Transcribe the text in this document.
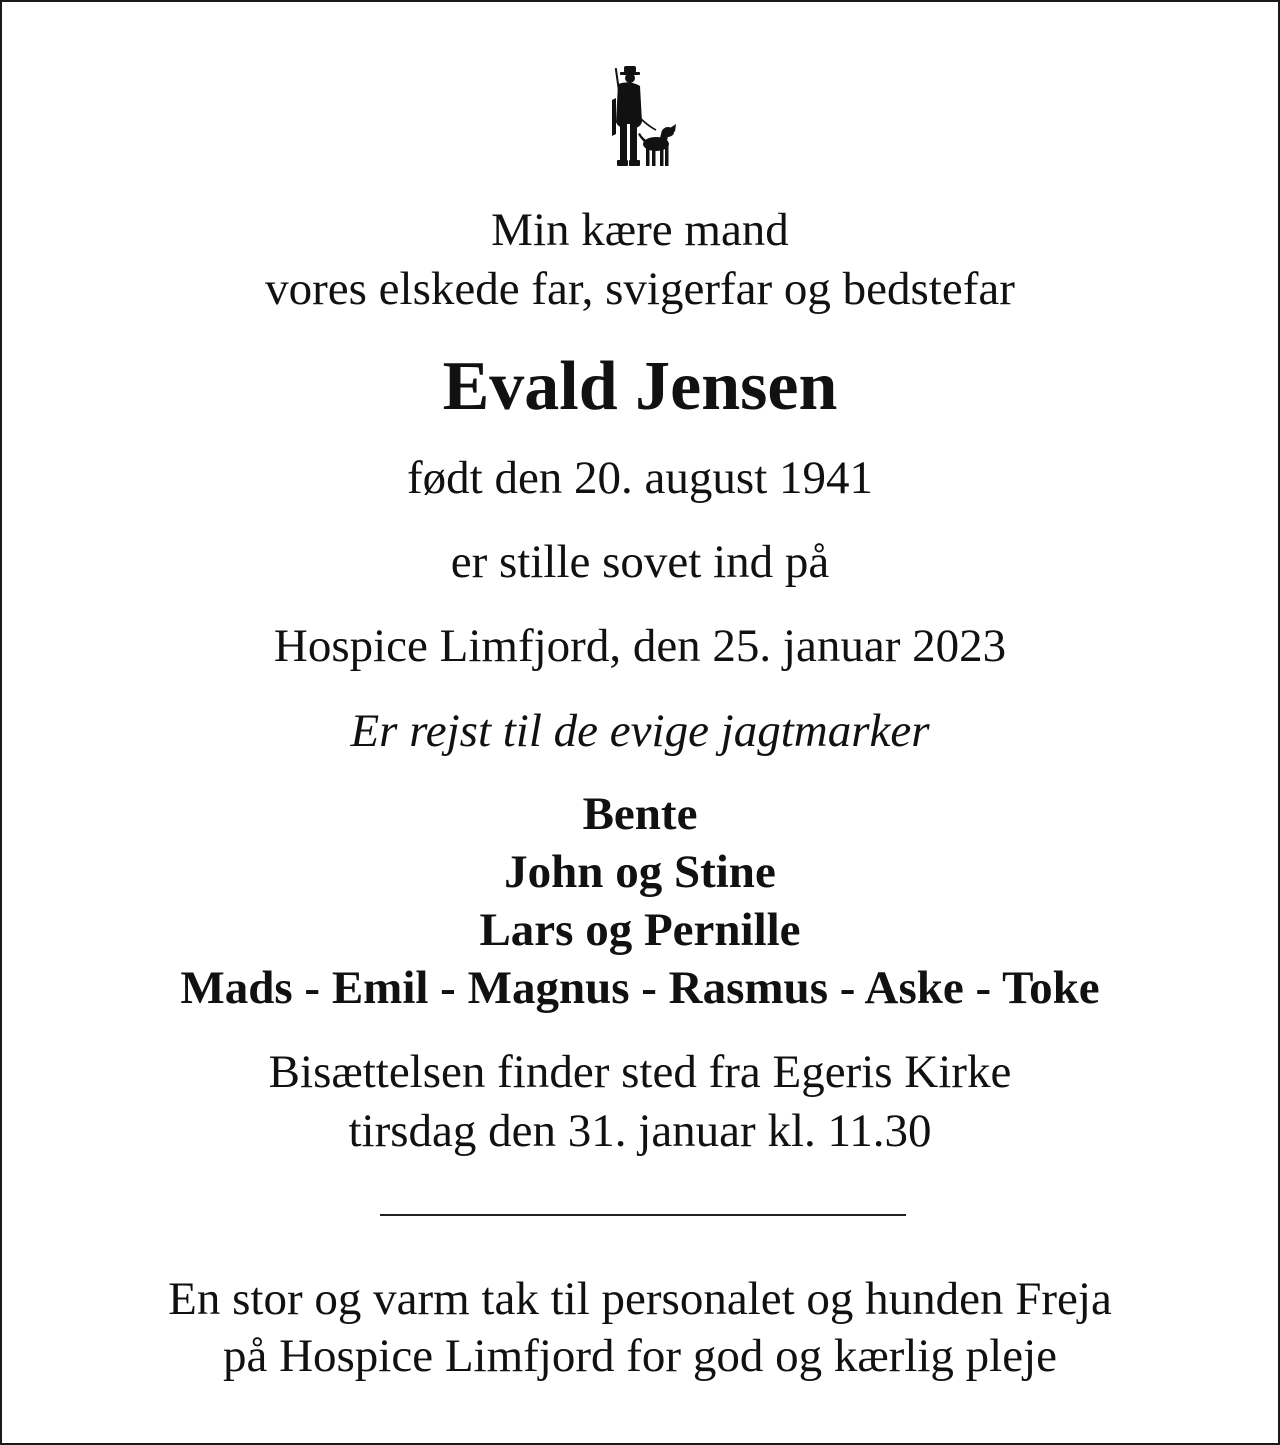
Min kære mand

vores elskede far, svigerfar og bedstefar

Evald Jensen

født den 20. august 1941

er stille sovet ind på

Hospice Limfjord, den 25. januar 2023

Er rejst til de evige jagtmarker

Bente

John og Stine

Lars og Pernille

Mads - Emil - Magnus - Rasmus - Aske - Toke

Bisættelsen finder sted fra Egeris Kirke

tirsdag den 31. januar kl. 11.30

En stor og varm tak til personalet og hunden Freja

på Hospice Limfjord for god og kærlig pleje
